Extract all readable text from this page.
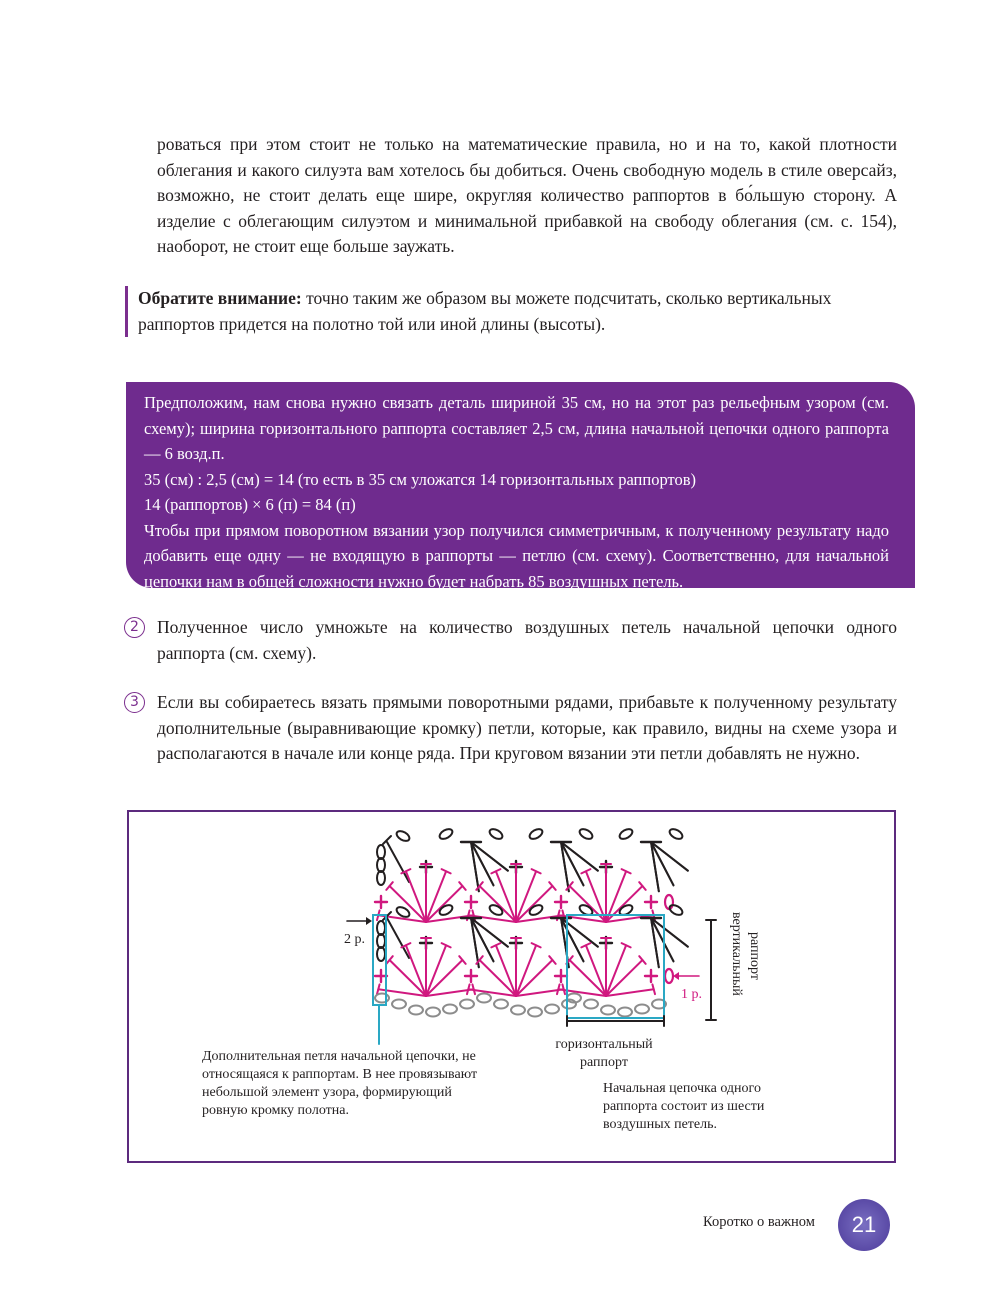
роваться при этом стоит не только на математические правила, но и на то, какой плотности облегания и какого силуэта вам хотелось бы добиться. Очень свободную модель в стиле оверсайз, возможно, не стоит делать еще шире, округляя количество раппортов в бо́льшую сторону. А изделие с облегающим силуэтом и минимальной прибавкой на свободу облегания (см. с. 154), наоборот, не стоит еще больше заужать.
Обратите внимание: точно таким же образом вы можете подсчитать, сколько вертикальных раппортов придется на полотно той или иной длины (высоты).
Предположим, нам снова нужно связать деталь шириной 35 см, но на этот раз рельефным узором (см. схему); ширина горизонтального раппорта составляет 2,5 см, длина начальной цепочки одного раппорта — 6 возд.п.
35 (см) : 2,5 (см) = 14 (то есть в 35 см уложатся 14 горизонтальных раппортов)
14 (раппортов) × 6 (п) = 84 (п)
Чтобы при прямом поворотном вязании узор получился симметричным, к полученному результату надо добавить еще одну — не входящую в раппорты — петлю (см. схему). Соответственно, для начальной цепочки нам в общей сложности нужно будет набрать 85 воздушных петель.
2	Полученное число умножьте на количество воздушных петель начальной цепочки одного раппорта (см. схему).
3	Если вы собираетесь вязать прямыми поворотными рядами, прибавьте к полученному результату дополнительные (выравнивающие кромку) петли, которые, как правило, видны на схеме узора и располагаются в начале или конце ряда. При круговом вязании эти петли добавлять не нужно.
вертикальный раппорт
2 р.
1 р.
горизонтальный раппорт
Дополнительная петля начальной цепочки, не относящаяся к раппортам. В нее провязывают небольшой элемент узора, формирующий ровную кромку полотна.
Начальная цепочка одного раппорта состоит из шести воздушных петель.
Коротко о важном	21
